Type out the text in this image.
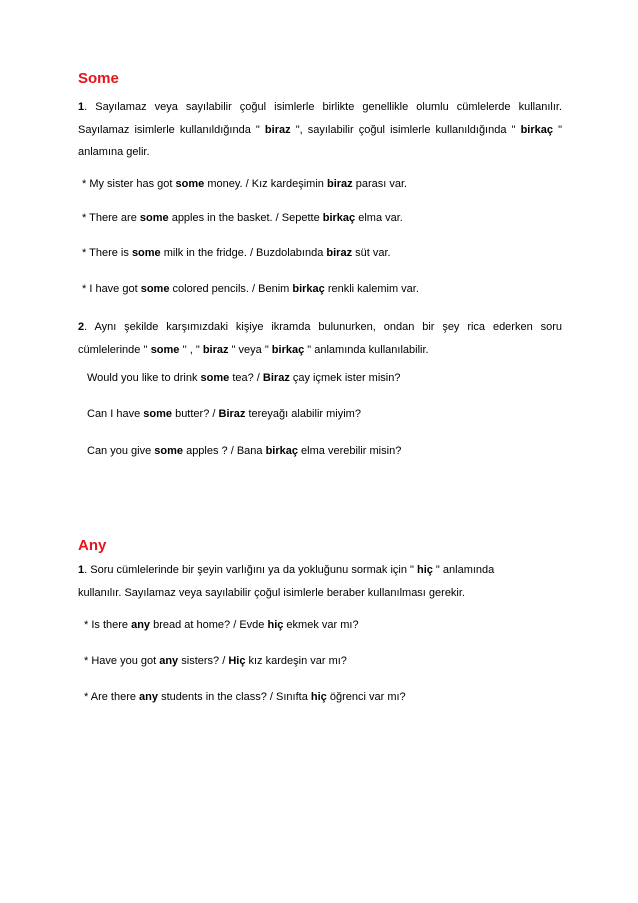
Some

1. Sayılamaz veya sayılabilir çoğul isimlerle birlikte genellikle olumlu cümlelerde kullanılır. Sayılamaz isimlerle kullanıldığında " biraz ", sayılabilir çoğul isimlerle kullanıldığında " birkaç " anlamına gelir.

* My sister has got some money. / Kız kardeşimin biraz parası var.

* There are some apples in the basket. / Sepette birkaç elma var.

* There is some milk in the fridge. / Buzdolabında biraz süt var.

* I have got some colored pencils. / Benim birkaç renkli kalemim var.

2. Aynı şekilde karşımızdaki kişiye ikramda bulunurken, ondan bir şey rica ederken soru cümlelerinde '' some '' , " biraz " veya " birkaç " anlamında kullanılabilir.

Would you like to drink some tea? / Biraz çay içmek ister misin?

Can I have some butter? / Biraz tereyağı alabilir miyim?

Can you give some apples ? / Bana birkaç elma verebilir misin?

Any

1. Soru cümlelerinde bir şeyin varlığını ya da yokluğunu sormak için " hiç " anlamında kullanılır. Sayılamaz veya sayılabilir çoğul isimlerle beraber kullanılması gerekir.

* Is there any bread at home? / Evde hiç ekmek var mı?

* Have you got any sisters? / Hiç kız kardeşin var mı?

* Are there any students in the class? / Sınıfta hiç öğrenci var mı?
